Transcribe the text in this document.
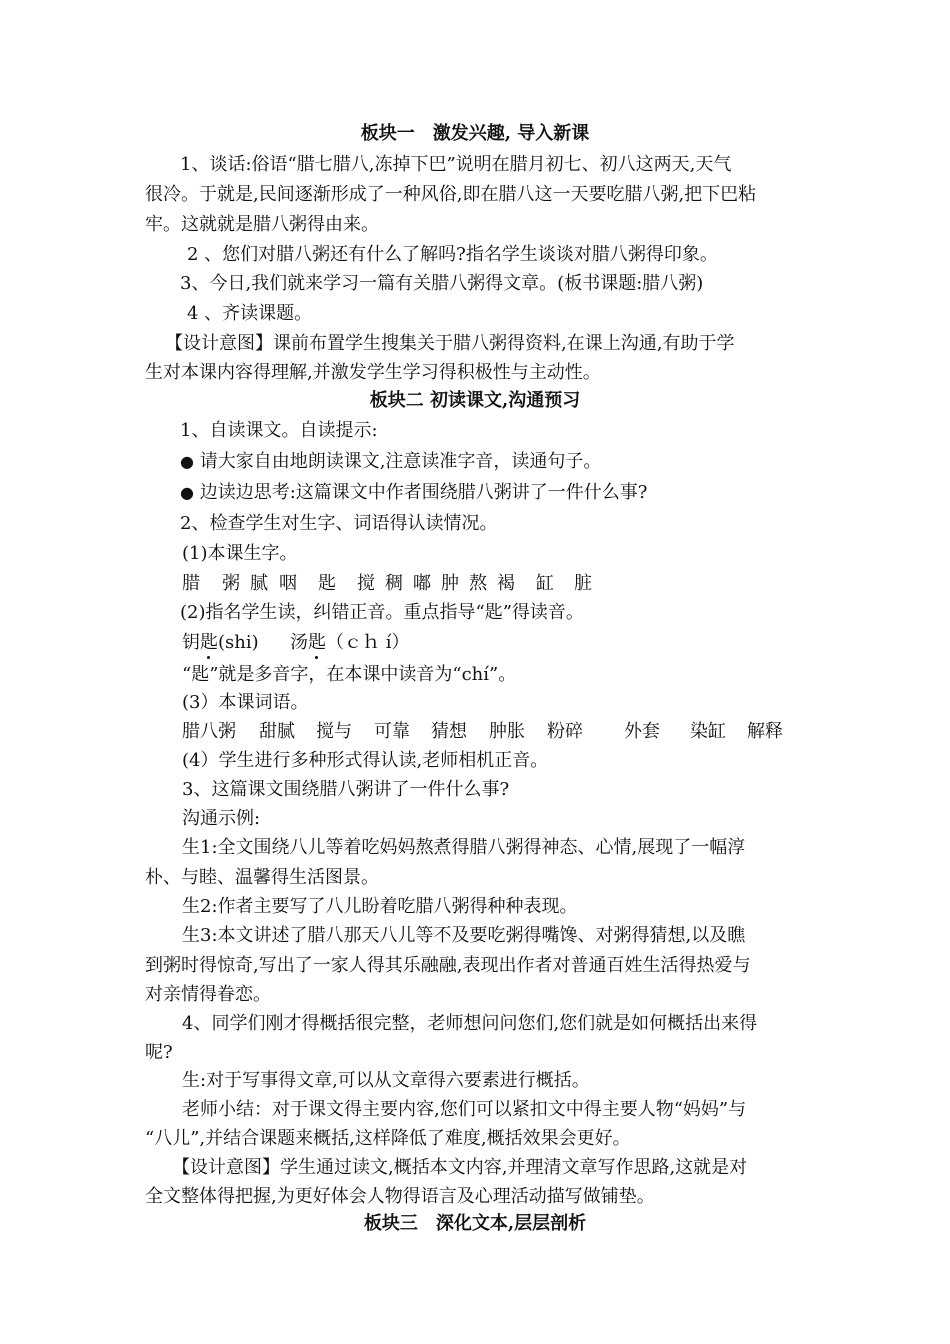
板块一　激发兴趣, 导入新课
1、谈话:俗语“腊七腊八,冻掉下巴”说明在腊月初七、初八这两天,天气
很冷。于就是,民间逐渐形成了一种风俗,即在腊八这一天要吃腊八粥,把下巴粘
牢。这就就是腊八粥得由来。
2 、您们对腊八粥还有什么了解吗?指名学生谈谈对腊八粥得印象。
3、今日,我们就来学习一篇有关腊八粥得文章。(板书课题:腊八粥)
4 、齐读课题。
【设计意图】课前布置学生搜集关于腊八粥得资料,在课上沟通,有助于学
生对本课内容得理解,并激发学生学习得积极性与主动性。
板块二 初读课文,沟通预习
1、自读课文。自读提示:
● 请大家自由地朗读课文,注意读准字音，读通句子。
● 边读边思考:这篇课文中作者围绕腊八粥讲了一件什么事?
2、检查学生对生字、词语得认读情况。
(1)本课生字。
腊 粥 腻 咽 匙 搅 稠 嘟 肿 熬 褐 缸 脏
(2)指名学生读，纠错正音。重点指导“匙”得读音。
钥匙(shi) 汤匙（ｃｈ í）
“匙”就是多音字，在本课中读音为“chí”。
(3）本课词语。
腊八粥 甜腻 搅与 可靠 猜想 肿胀 粉碎 外套 染缸 解释
(4）学生进行多种形式得认读,老师相机正音。
3、这篇课文围绕腊八粥讲了一件什么事?
沟通示例:
生1:全文围绕八儿等着吃妈妈熬煮得腊八粥得神态、心情,展现了一幅淳
朴、与睦、温馨得生活图景。
生2:作者主要写了八儿盼着吃腊八粥得种种表现。
生3:本文讲述了腊八那天八儿等不及要吃粥得嘴馋、对粥得猜想,以及瞧
到粥时得惊奇,写出了一家人得其乐融融,表现出作者对普通百姓生活得热爱与
对亲情得眷恋。
4、同学们刚才得概括很完整，老师想问问您们,您们就是如何概括出来得
呢?
生:对于写事得文章,可以从文章得六要素进行概括。
老师小结：对于课文得主要内容,您们可以紧扣文中得主要人物“妈妈”与
“八儿”,并结合课题来概括,这样降低了难度,概括效果会更好。
【设计意图】学生通过读文,概括本文内容,并理清文章写作思路,这就是对
全文整体得把握,为更好体会人物得语言及心理活动描写做铺垫。
板块三　深化文本,层层剖析
